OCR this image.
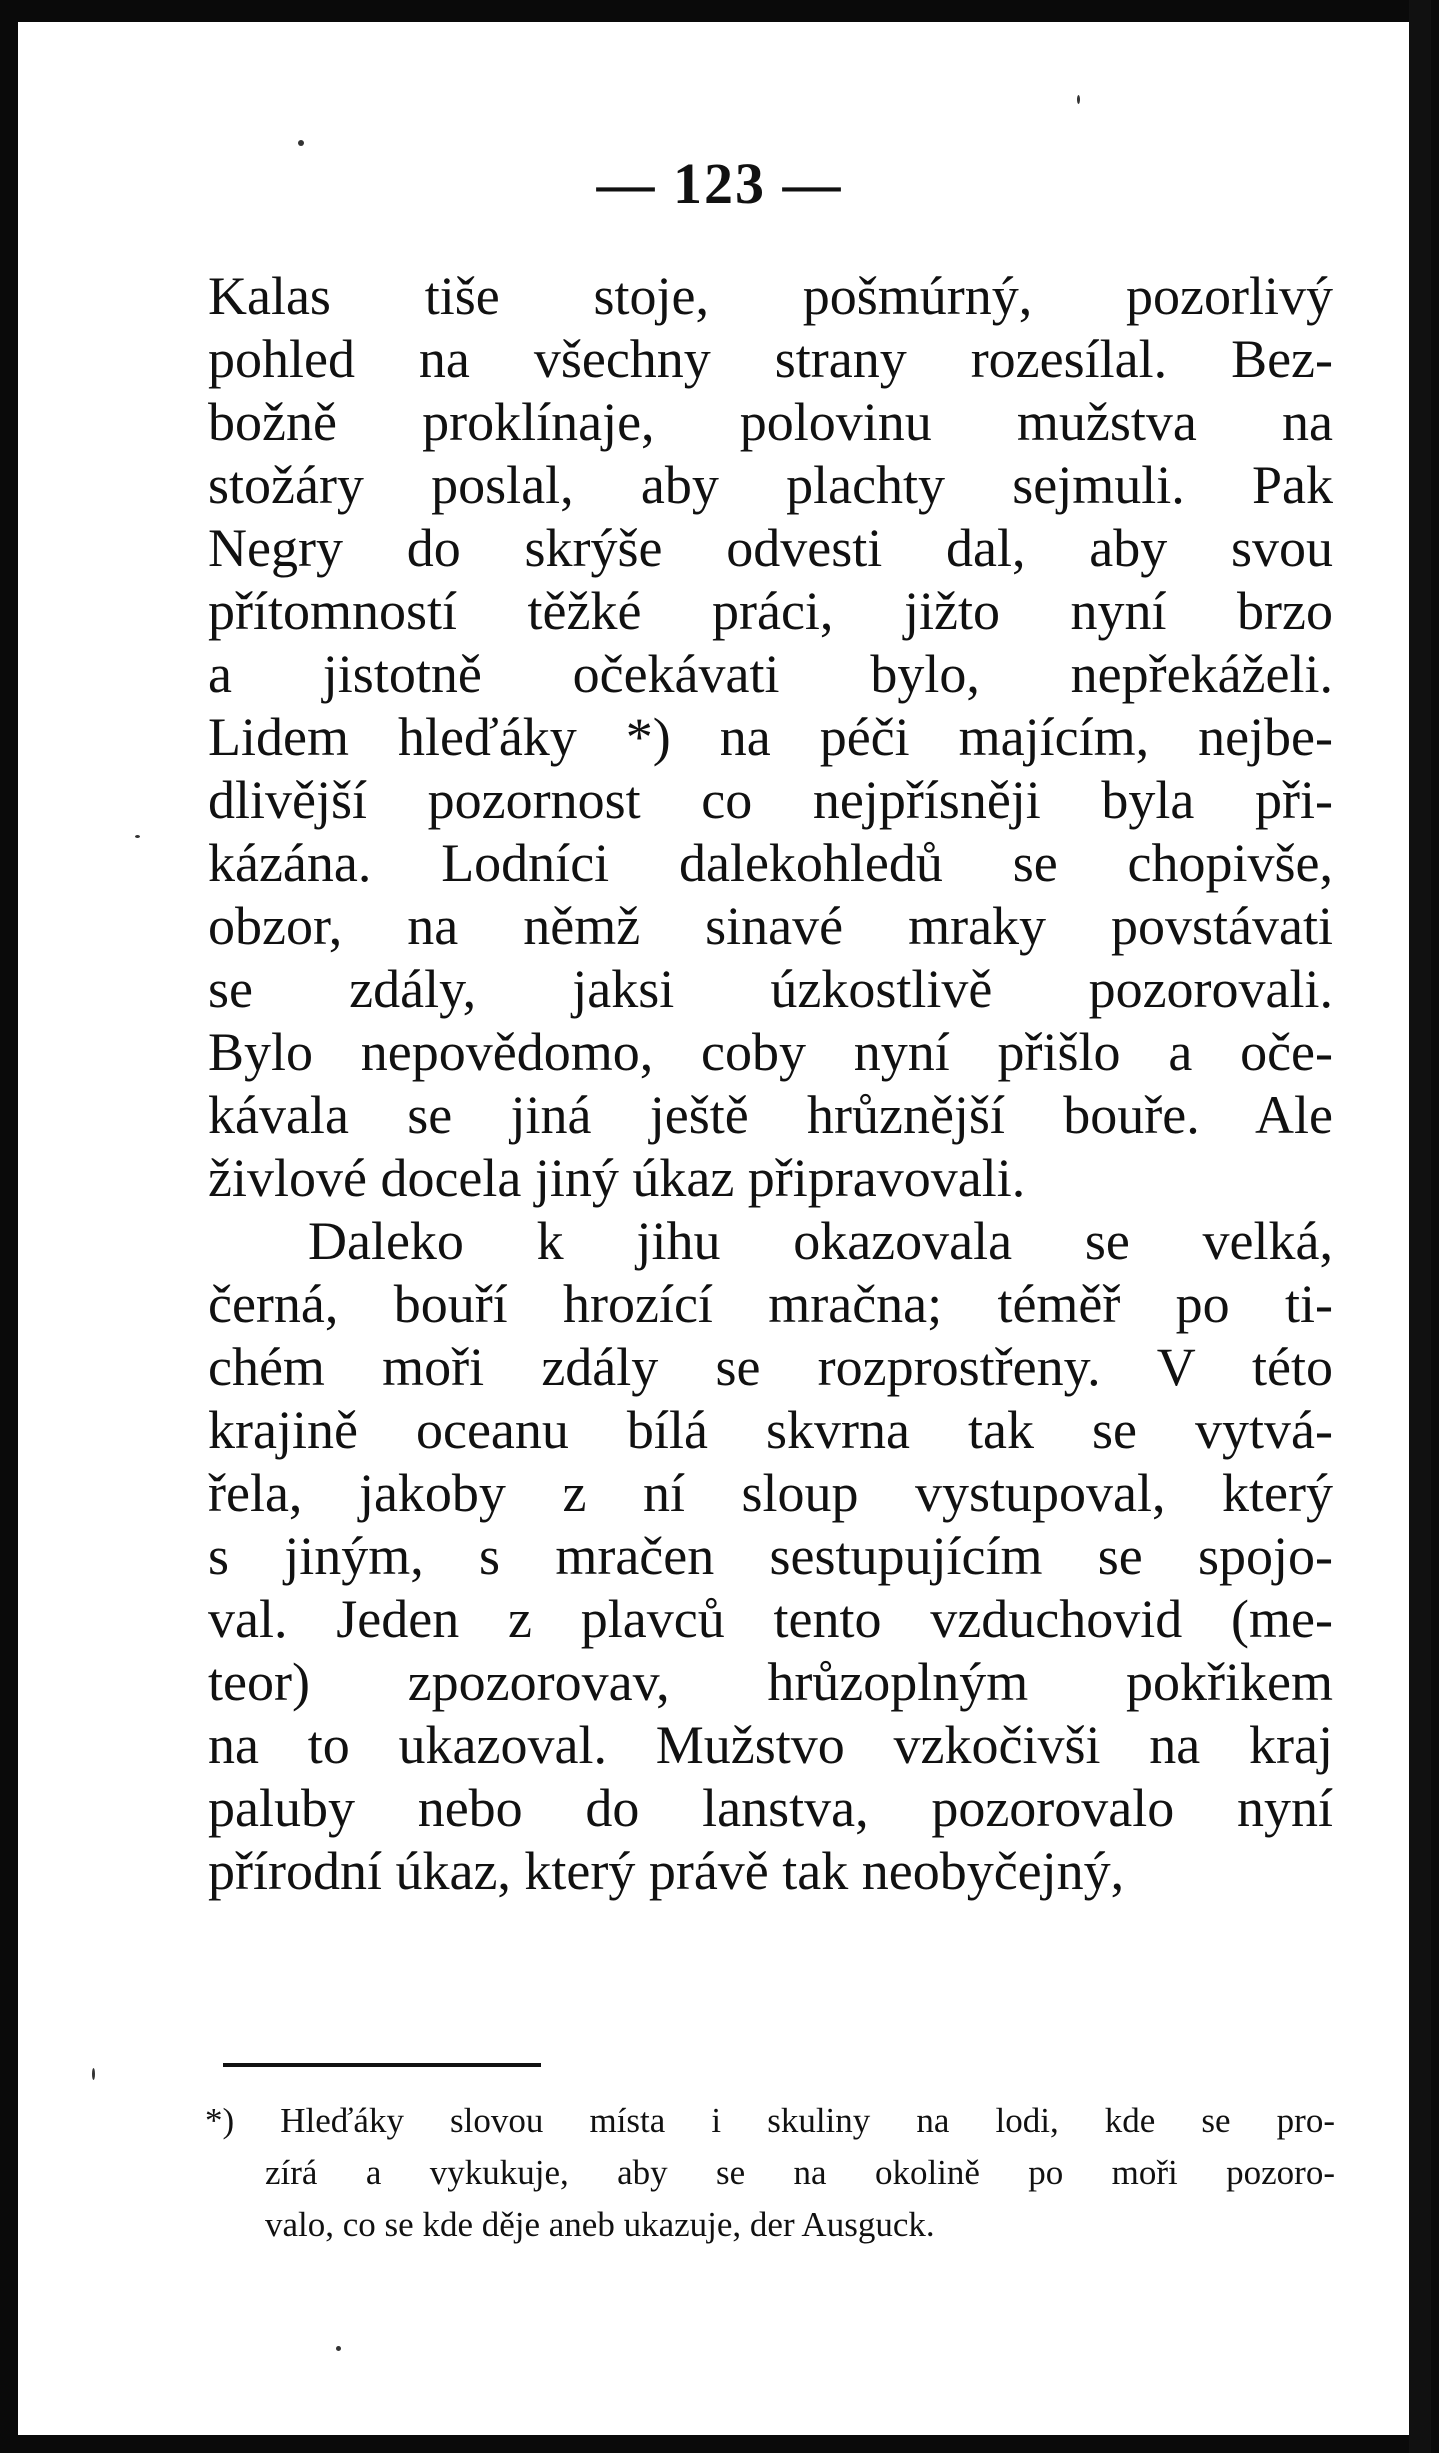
— 123 —
Kalas tiše stoje, pošmúrný, pozorlivý
pohled na všechny strany rozesílal. Bez-
božně proklínaje, polovinu mužstva na
stožáry poslal, aby plachty sejmuli. Pak
Negry do skrýše odvesti dal, aby svou
přítomností těžké práci, jižto nyní brzo
a jistotně očekávati bylo, nepřekáželi.
Lidem hleďáky *) na péči majícím, nejbe-
dlivější pozornost co nejpřísněji byla při-
kázána. Lodníci dalekohledů se chopivše,
obzor, na němž sinavé mraky povstávati
se zdály, jaksi úzkostlivě pozorovali.
Bylo nepovědomo, coby nyní přišlo a oče-
kávala se jiná ještě hrůznější bouře. Ale
živlové docela jiný úkaz připravovali.
Daleko k jihu okazovala se velká,
černá, bouří hrozící mračna; téměř po ti-
chém moři zdály se rozprostřeny. V této
krajině oceanu bílá skvrna tak se vytvá-
řela, jakoby z ní sloup vystupoval, který
s jiným, s mračen sestupujícím se spojo-
val. Jeden z plavců tento vzduchovid (me-
teor) zpozorovav, hrůzoplným pokřikem
na to ukazoval. Mužstvo vzkočivši na kraj
paluby nebo do lanstva, pozorovalo nyní
přírodní úkaz, který právě tak neobyčejný,
*) Hleďáky slovou místa i skuliny na lodi, kde se pro-
zírá a vykukuje, aby se na okolině po moři pozoro-
valo, co se kde děje aneb ukazuje, der Ausguck.
